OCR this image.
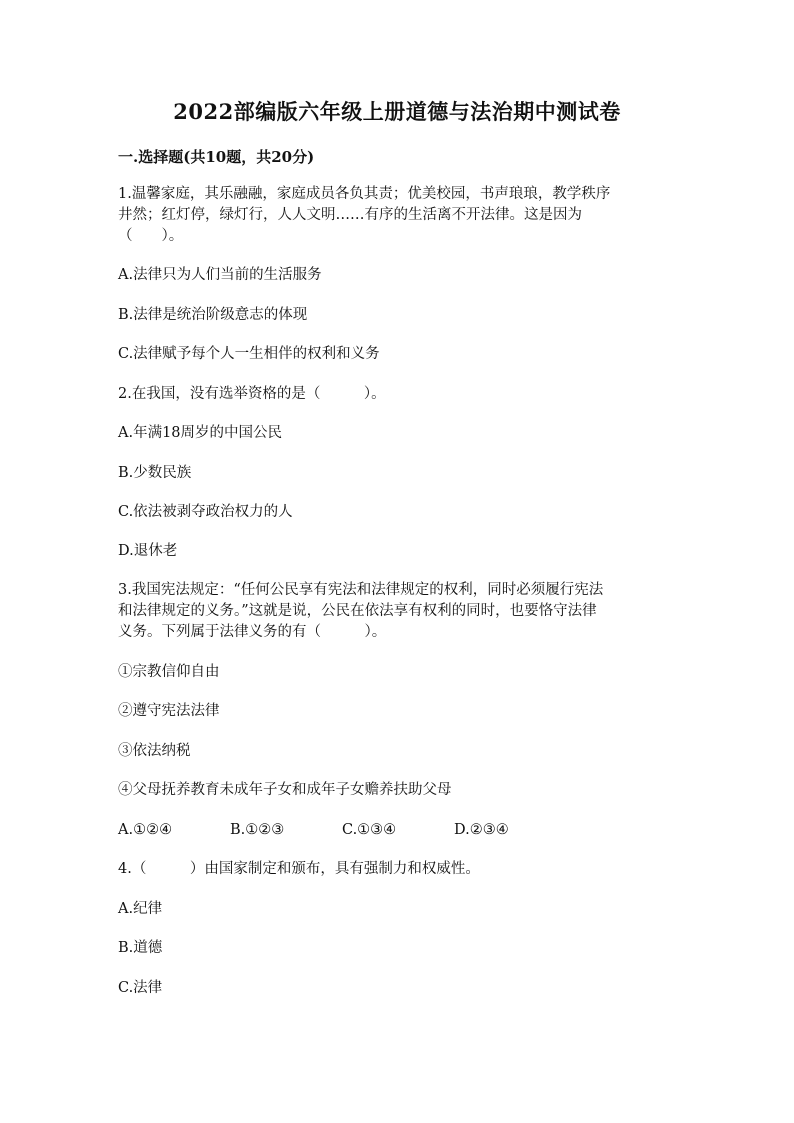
2022部编版六年级上册道德与法治期中测试卷
一.选择题(共10题，共20分)
1.温馨家庭，其乐融融，家庭成员各负其责；优美校园，书声琅琅，教学秩序
井然；红灯停，绿灯行，人人文明……有序的生活离不开法律。这是因为
（　　）。
A.法律只为人们当前的生活服务
B.法律是统治阶级意志的体现
C.法律赋予每个人一生相伴的权利和义务
2.在我国，没有选举资格的是（　　　）。
A.年满18周岁的中国公民
B.少数民族
C.依法被剥夺政治权力的人
D.退休老
3.我国宪法规定：“任何公民享有宪法和法律规定的权利，同时必须履行宪法
和法律规定的义务。”这就是说，公民在依法享有权利的同时，也要恪守法律
义务。下列属于法律义务的有（　　　）。
①宗教信仰自由
②遵守宪法法律
③依法纳税
④父母抚养教育未成年子女和成年子女赡养扶助父母
A.①②④	B.①②③	C.①③④	D.②③④
4.（　　　）由国家制定和颁布，具有强制力和权威性。
A.纪律
B.道德
C.法律
